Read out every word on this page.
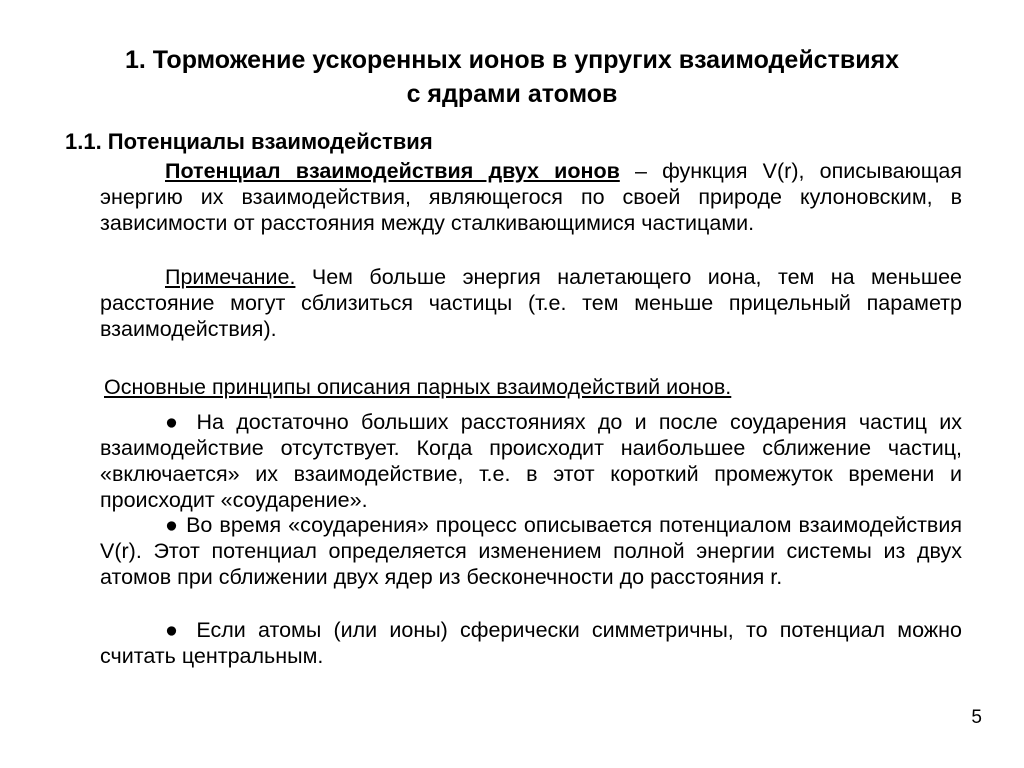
1. Торможение ускоренных ионов в упругих взаимодействиях
с ядрами атомов
1.1. Потенциалы взаимодействия
Потенциал взаимодействия двух ионов – функция V(r), описывающая энергию их взаимодействия, являющегося по своей природе кулоновским, в зависимости от расстояния между сталкивающимися частицами.
Примечание. Чем больше энергия налетающего иона, тем на меньшее расстояние могут сблизиться частицы (т.е. тем меньше прицельный параметр взаимодействия).
Основные принципы описания парных взаимодействий ионов.
● На достаточно больших расстояниях до и после соударения частиц их взаимодействие отсутствует. Когда происходит наибольшее сближение частиц, «включается» их взаимодействие, т.е. в этот короткий промежуток времени и происходит «соударение».
● Во время «соударения» процесс описывается потенциалом взаимодействия V(r). Этот потенциал определяется изменением полной энергии системы из двух атомов при сближении двух ядер из бесконечности до расстояния r.
● Если атомы (или ионы) сферически симметричны, то потенциал можно считать центральным.
5
